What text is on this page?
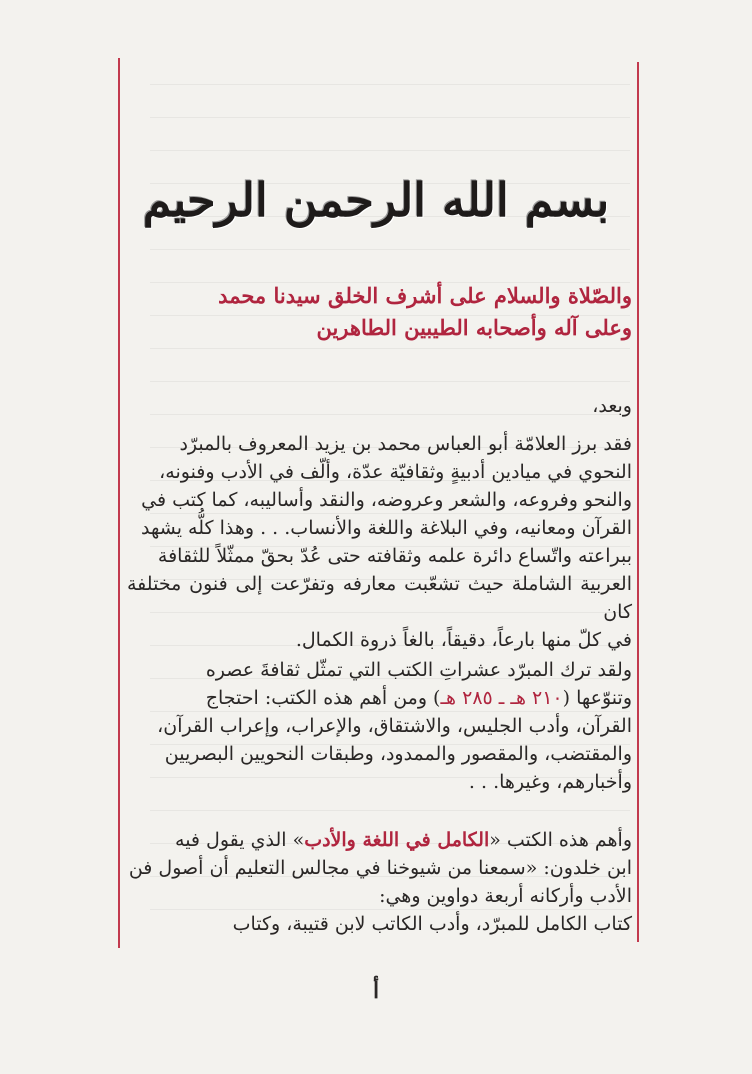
بسم الله الرحمن الرحيم
والصّلاة والسلام على أشرف الخلق سيدنا محمد
وعلى آله وأصحابه الطيبين الطاهرين

وبعد،

فقد برز العلامّة أبو العباس محمد بن يزيد المعروف بالمبرّد

النحوي في ميادين أدبيةٍ وثقافيّة عدّة، وألّف في الأدب وفنونه،

والنحو وفروعه، والشعر وعروضه، والنقد وأساليبه، كما كتب في

القرآن ومعانيه، وفي البلاغة واللغة والأنساب. . . وهذا كلُّه يشهد

ببراعته واتّساع دائرة علمه وثقافته حتى عُدّ بحقّ ممثّلاً للثقافة

العربية الشاملة حيث تشعّبت معارفه وتفرّعت إلى فنون مختلفة كان

في كلّ منها بارعاً، دقيقاً، بالغاً ذروة الكمال.

ولقد ترك المبرّد عشراتِ الكتب التي تمثّل ثقافةَ عصره

وتنوّعها (٢١٠ هـ ـ ٢٨٥ هـ) ومن أهم هذه الكتب: احتجاج

القرآن، وأدب الجليس، والاشتقاق، والإعراب، وإعراب القرآن،

والمقتضب، والمقصور والممدود، وطبقات النحويين البصريين

وأخبارهم، وغيرها. . .

وأهم هذه الكتب «الكامل في اللغة والأدب» الذي يقول فيه

ابن خلدون: «سمعنا من شيوخنا في مجالس التعليم أن أصول فن

الأدب وأركانه أربعة دواوين وهي:

كتاب الكامل للمبرّد، وأدب الكاتب لابن قتيبة، وكتاب

أ
